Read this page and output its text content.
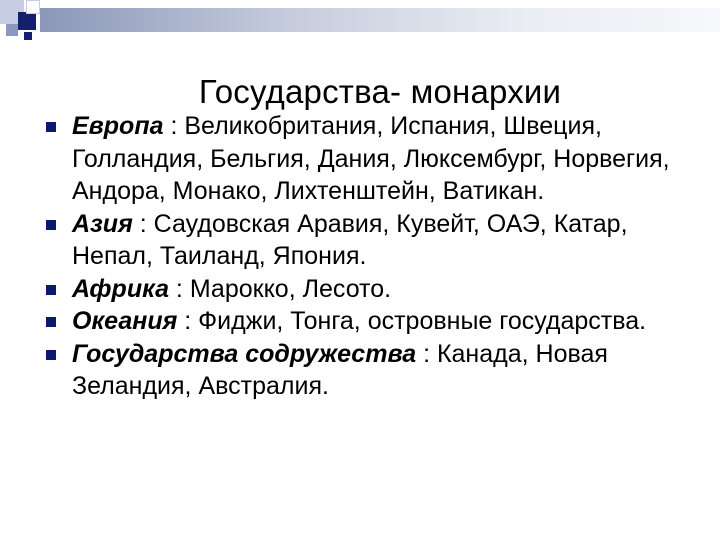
Государства- монархии
Европа : Великобритания, Испания, Швеция, Голландия, Бельгия, Дания, Люксембург, Норвегия, Андора, Монако, Лихтенштейн, Ватикан.
Азия : Саудовская Аравия, Кувейт, ОАЭ, Катар, Непал, Таиланд, Япония.
Африка : Марокко, Лесото.
Океания : Фиджи, Тонга, островные государства.
Государства содружества : Канада, Новая Зеландия, Австралия.
